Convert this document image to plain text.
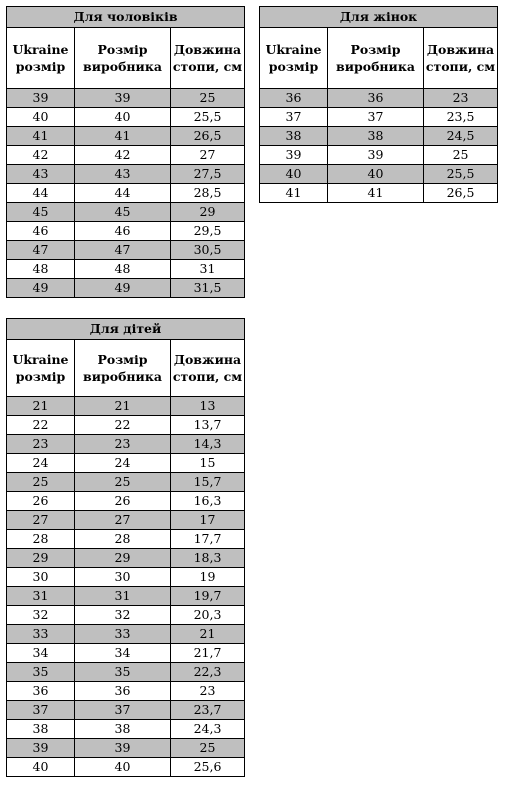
Для чоловіків		
Ukraine розмір	Розмір виробника	Довжина стопи, см
39	39	25
40	40	25,5
41	41	26,5
42	42	27
43	43	27,5
44	44	28,5
45	45	29
46	46	29,5
47	47	30,5
48	48	31
49	49	31,5
Для жінок		
Ukraine розмір	Розмір виробника	Довжина стопи, см
36	36	23
37	37	23,5
38	38	24,5
39	39	25
40	40	25,5
41	41	26,5
Для дітей		
Ukraine розмір	Розмір виробника	Довжина стопи, см
21	21	13
22	22	13,7
23	23	14,3
24	24	15
25	25	15,7
26	26	16,3
27	27	17
28	28	17,7
29	29	18,3
30	30	19
31	31	19,7
32	32	20,3
33	33	21
34	34	21,7
35	35	22,3
36	36	23
37	37	23,7
38	38	24,3
39	39	25
40	40	25,6
